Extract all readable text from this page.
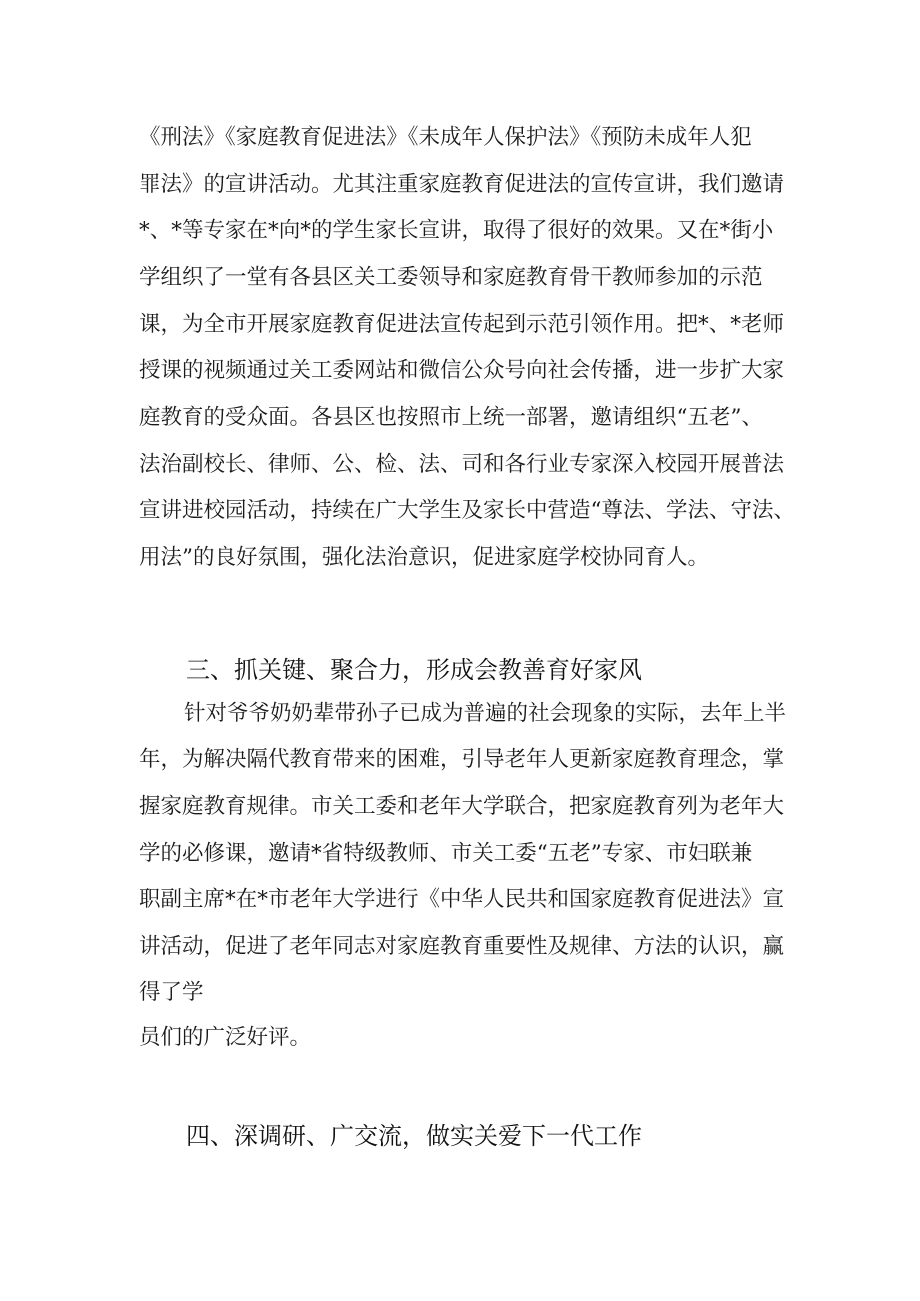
《刑法》《家庭教育促进法》《未成年人保护法》《预防未成年人犯
罪法》的宣讲活动。尤其注重家庭教育促进法的宣传宣讲，我们邀请
*、*等专家在*向*的学生家长宣讲，取得了很好的效果。又在*街小
学组织了一堂有各县区关工委领导和家庭教育骨干教师参加的示范
课，为全市开展家庭教育促进法宣传起到示范引领作用。把*、*老师
授课的视频通过关工委网站和微信公众号向社会传播，进一步扩大家
庭教育的受众面。各县区也按照市上统一部署，邀请组织“五老”、
法治副校长、律师、公、检、法、司和各行业专家深入校园开展普法
宣讲进校园活动，持续在广大学生及家长中营造“尊法、学法、守法、
用法”的良好氛围，强化法治意识，促进家庭学校协同育人。
三、抓关键、聚合力，形成会教善育好家风
针对爷爷奶奶辈带孙子已成为普遍的社会现象的实际，去年上半
年，为解决隔代教育带来的困难，引导老年人更新家庭教育理念，掌
握家庭教育规律。市关工委和老年大学联合，把家庭教育列为老年大
学的必修课，邀请*省特级教师、市关工委“五老”专家、市妇联兼
职副主席*在*市老年大学进行《中华人民共和国家庭教育促进法》宣
讲活动，促进了老年同志对家庭教育重要性及规律、方法的认识，赢
得了学
员们的广泛好评。
四、深调研、广交流，做实关爱下一代工作
